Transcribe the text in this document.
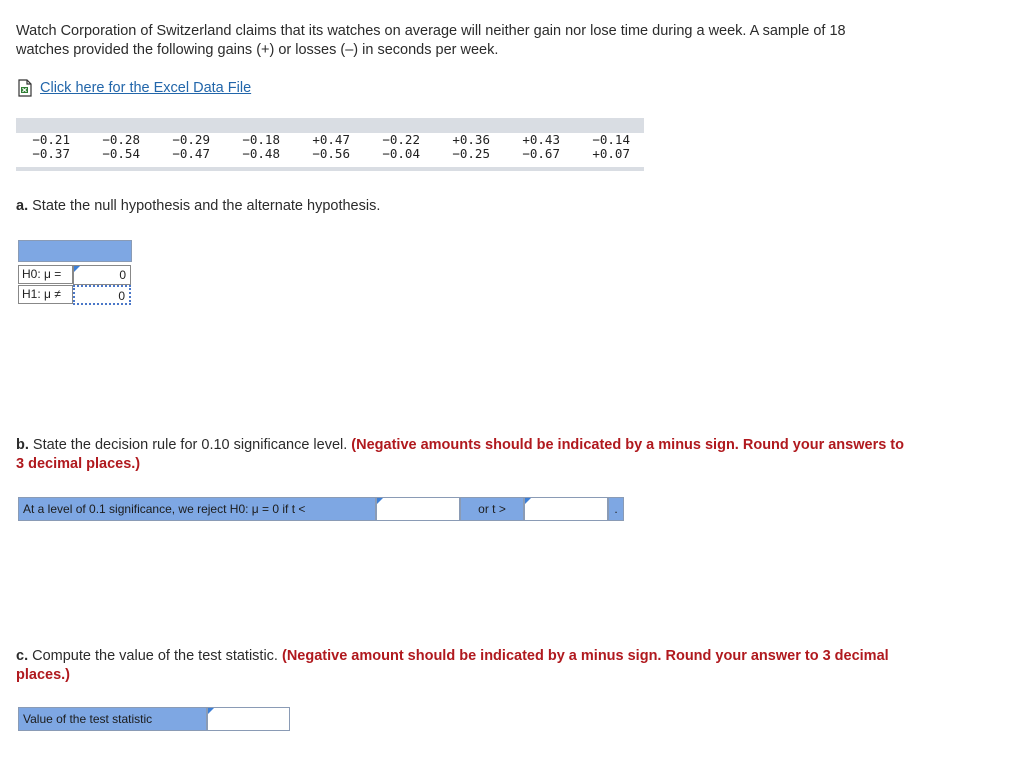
Watch Corporation of Switzerland claims that its watches on average will neither gain nor lose time during a week. A sample of 18
watches provided the following gains (+) or losses (–) in seconds per week.
Click here for the Excel Data File
−0.21	−0.28	−0.29	−0.18	+0.47	−0.22	+0.36	+0.43	−0.14
−0.37	−0.54	−0.47	−0.48	−0.56	−0.04	−0.25	−0.67	+0.07
a. State the null hypothesis and the alternate hypothesis.
H0: μ =	0
H1: μ ≠	0
b. State the decision rule for 0.10 significance level. (Negative amounts should be indicated by a minus sign. Round your answers to
3 decimal places.)
At a level of 0.1 significance, we reject H0: μ = 0 if t <	or t >	.
c. Compute the value of the test statistic. (Negative amount should be indicated by a minus sign. Round your answer to 3 decimal
places.)
Value of the test statistic
